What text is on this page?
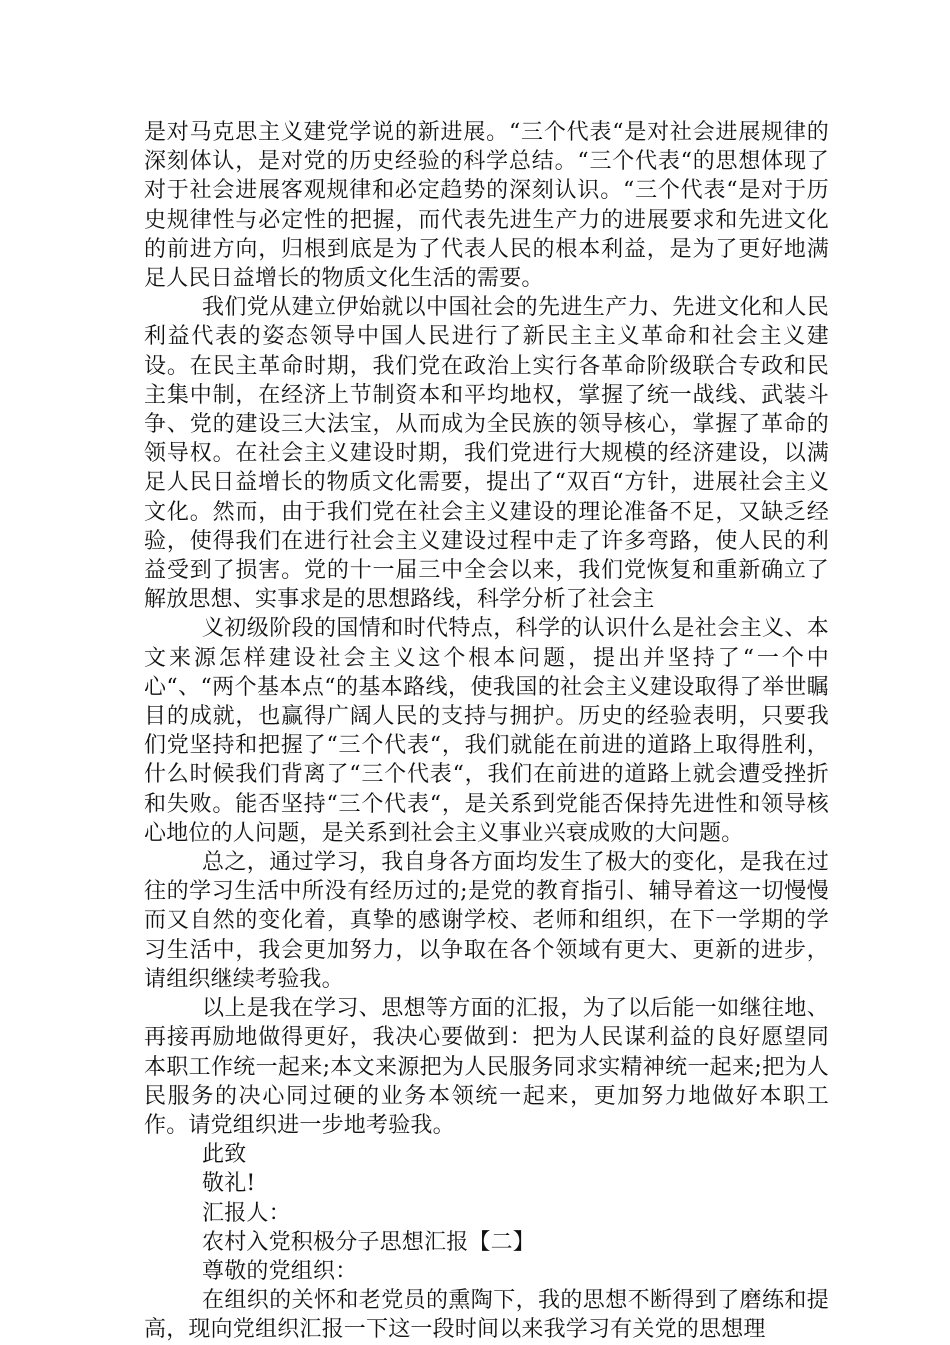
是对马克思主义建党学说的新进展。“三个代表“是对社会进展规律的深刻体认，是对党的历史经验的科学总结。“三个代表“的思想体现了对于社会进展客观规律和必定趋势的深刻认识。“三个代表“是对于历史规律性与必定性的把握，而代表先进生产力的进展要求和先进文化的前进方向，归根到底是为了代表人民的根本利益，是为了更好地满足人民日益增长的物质文化生活的需要。

我们党从建立伊始就以中国社会的先进生产力、先进文化和人民利益代表的姿态领导中国人民进行了新民主主义革命和社会主义建设。在民主革命时期，我们党在政治上实行各革命阶级联合专政和民主集中制，在经济上节制资本和平均地权，掌握了统一战线、武装斗争、党的建设三大法宝，从而成为全民族的领导核心，掌握了革命的领导权。在社会主义建设时期，我们党进行大规模的经济建设，以满足人民日益增长的物质文化需要，提出了“双百“方针，进展社会主义文化。然而，由于我们党在社会主义建设的理论准备不足，又缺乏经验，使得我们在进行社会主义建设过程中走了许多弯路，使人民的利益受到了损害。党的十一届三中全会以来，我们党恢复和重新确立了解放思想、实事求是的思想路线，科学分析了社会主

义初级阶段的国情和时代特点，科学的认识什么是社会主义、本文来源怎样建设社会主义这个根本问题，提出并坚持了“一个中心“、“两个基本点“的基本路线，使我国的社会主义建设取得了举世瞩目的成就，也赢得广阔人民的支持与拥护。历史的经验表明，只要我们党坚持和把握了“三个代表“，我们就能在前进的道路上取得胜利，什么时候我们背离了“三个代表“，我们在前进的道路上就会遭受挫折和失败。能否坚持“三个代表“，是关系到党能否保持先进性和领导核心地位的人问题，是关系到社会主义事业兴衰成败的大问题。

总之，通过学习，我自身各方面均发生了极大的变化，是我在过往的学习生活中所没有经历过的;是党的教育指引、辅导着这一切慢慢而又自然的变化着，真挚的感谢学校、老师和组织，在下一学期的学习生活中，我会更加努力，以争取在各个领域有更大、更新的进步，请组织继续考验我。

以上是我在学习、思想等方面的汇报，为了以后能一如继往地、再接再励地做得更好，我决心要做到：把为人民谋利益的良好愿望同本职工作统一起来;本文来源把为人民服务同求实精神统一起来;把为人民服务的决心同过硬的业务本领统一起来，更加努力地做好本职工作。请党组织进一步地考验我。

此致

敬礼!

汇报人：

农村入党积极分子思想汇报【二】

尊敬的党组织：

在组织的关怀和老党员的熏陶下，我的思想不断得到了磨练和提高，现向党组织汇报一下这一段时间以来我学习有关党的思想理
